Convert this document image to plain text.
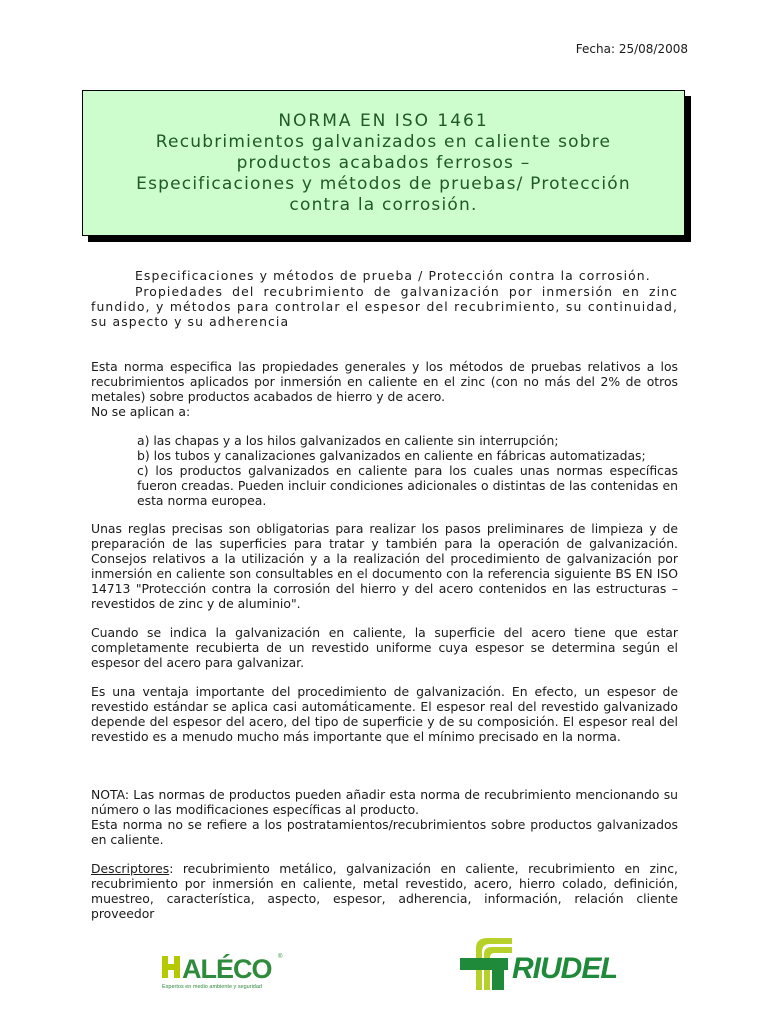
Fecha: 25/08/2008
NORMA EN ISO 1461
Recubrimientos galvanizados en caliente sobre
productos acabados ferrosos –
Especificaciones y métodos de pruebas/ Protección
contra la corrosión.
Especificaciones y métodos de prueba / Protección contra la corrosión.
Propiedades del recubrimiento de galvanización por inmersión en zinc fundido, y métodos para controlar el espesor del recubrimiento, su continuidad, su aspecto y su adherencia
Esta norma especifica las propiedades generales y los métodos de pruebas relativos a los recubrimientos aplicados por inmersión en caliente en el zinc (con no más del 2% de otros metales) sobre productos acabados de hierro y de acero.
No se aplican a:
a) las chapas y a los hilos galvanizados en caliente sin interrupción;
b) los tubos y canalizaciones galvanizados en caliente en fábricas automatizadas;
c) los productos galvanizados en caliente para los cuales unas normas específicas fueron creadas. Pueden incluir condiciones adicionales o distintas de las contenidas en esta norma europea.
Unas reglas precisas son obligatorias para realizar los pasos preliminares de limpieza y de preparación de las superficies para tratar y también para la operación de galvanización. Consejos relativos a la utilización y a la realización del procedimiento de galvanización por inmersión en caliente son consultables en el documento con la referencia siguiente BS EN ISO 14713 "Protección contra la corrosión del hierro y del acero contenidos en las estructuras – revestidos de zinc y de aluminio".
Cuando se indica la galvanización en caliente, la superficie del acero tiene que estar completamente recubierta de un revestido uniforme cuya espesor se determina según el espesor del acero para galvanizar.
Es una ventaja importante del procedimiento de galvanización. En efecto, un espesor de revestido estándar se aplica casi automáticamente. El espesor real del revestido galvanizado depende del espesor del acero, del tipo de superficie y de su composición. El espesor real del revestido es a menudo mucho más importante que el mínimo precisado en la norma.
NOTA: Las normas de productos pueden añadir esta norma de recubrimiento mencionando su número o las modificaciones específicas al producto.
Esta norma no se refiere a los postratamientos/recubrimientos sobre productos galvanizados en caliente.
Descriptores: recubrimiento metálico, galvanización en caliente, recubrimiento en zinc, recubrimiento por inmersión en caliente, metal revestido, acero, hierro colado, definición, muestreo, característica, aspecto, espesor, adherencia, información, relación cliente proveedor
ALÉCO ®
Expertos en medio ambiente y seguridad
RIUDEL
